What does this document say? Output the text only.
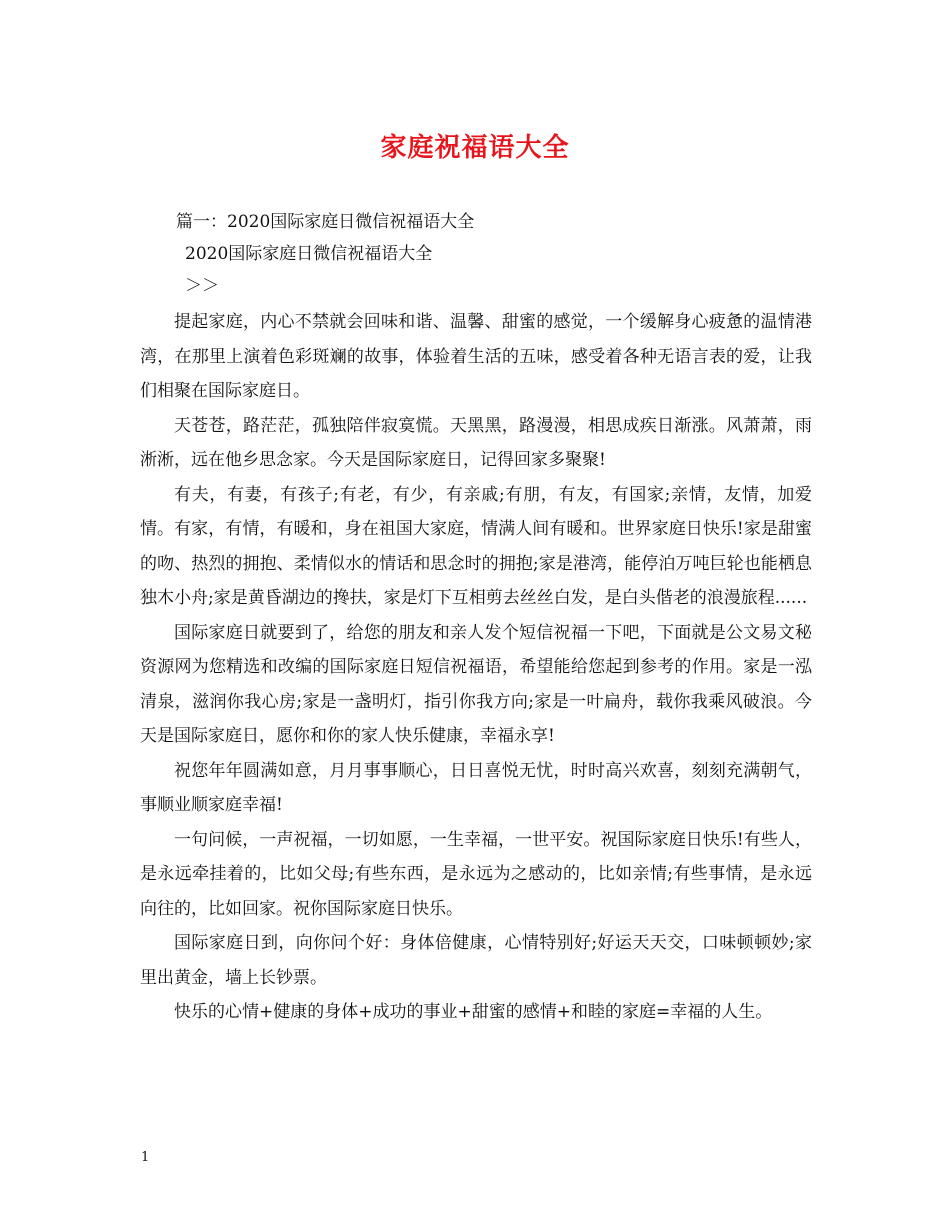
家庭祝福语大全
篇一：2020国际家庭日微信祝福语大全
2020国际家庭日微信祝福语大全
＞＞

提起家庭，内心不禁就会回味和谐、温馨、甜蜜的感觉，一个缓解身心疲惫的温情港湾，在那里上演着色彩斑斓的故事，体验着生活的五味，感受着各种无语言表的爱，让我们相聚在国际家庭日。

天苍苍，路茫茫，孤独陪伴寂寞慌。天黑黑，路漫漫，相思成疾日渐涨。风萧萧，雨淅淅，远在他乡思念家。今天是国际家庭日，记得回家多聚聚!

有夫，有妻，有孩子;有老，有少，有亲戚;有朋，有友，有国家;亲情，友情，加爱情。有家，有情，有暖和，身在祖国大家庭，情满人间有暖和。世界家庭日快乐!家是甜蜜的吻、热烈的拥抱、柔情似水的情话和思念时的拥抱;家是港湾，能停泊万吨巨轮也能栖息独木小舟;家是黄昏湖边的搀扶，家是灯下互相剪去丝丝白发，是白头偕老的浪漫旅程......

国际家庭日就要到了，给您的朋友和亲人发个短信祝福一下吧，下面就是公文易文秘资源网为您精选和改编的国际家庭日短信祝福语，希望能给您起到参考的作用。家是一泓清泉，滋润你我心房;家是一盏明灯，指引你我方向;家是一叶扁舟，载你我乘风破浪。今天是国际家庭日，愿你和你的家人快乐健康，幸福永享!

祝您年年圆满如意，月月事事顺心，日日喜悦无忧，时时高兴欢喜，刻刻充满朝气，事顺业顺家庭幸福!

一句问候，一声祝福，一切如愿，一生幸福，一世平安。祝国际家庭日快乐!有些人，是永远牵挂着的，比如父母;有些东西，是永远为之感动的，比如亲情;有些事情，是永远向往的，比如回家。祝你国际家庭日快乐。

国际家庭日到，向你问个好：身体倍健康，心情特别好;好运天天交，口味顿顿妙;家里出黄金，墙上长钞票。

快乐的心情+健康的身体+成功的事业+甜蜜的感情+和睦的家庭=幸福的人生。

1
